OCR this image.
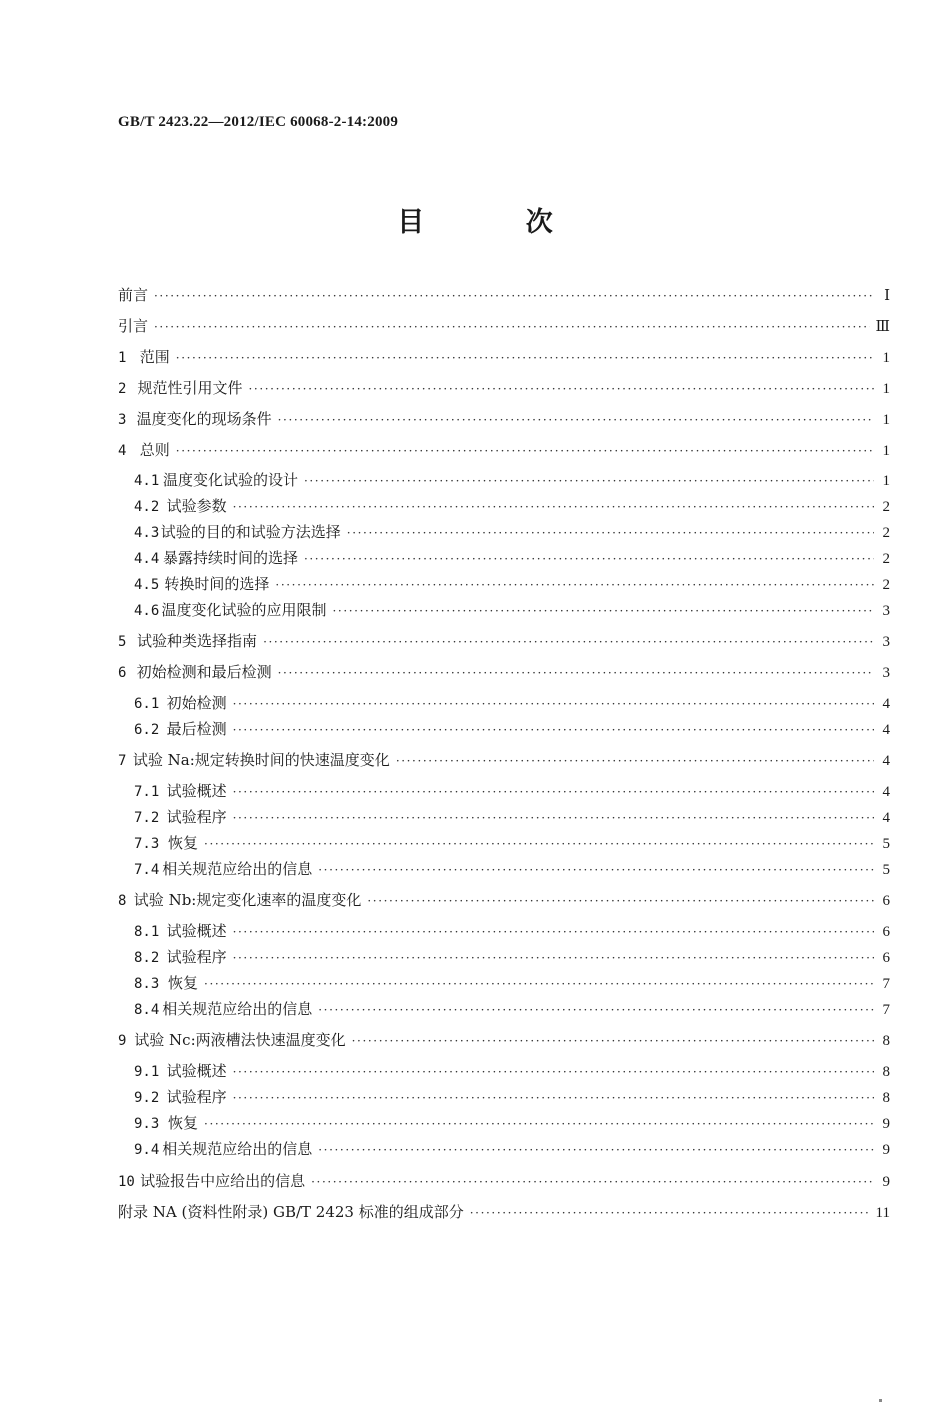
GB/T 2423.22—2012/IEC 60068-2-14:2009
目 次
前言 ·····	Ⅰ
引言 ·····	Ⅲ
1 范围 ·····	1
2 规范性引用文件 ·····	1
3 温度变化的现场条件 ·····	1
4 总则 ·····	1
4.1 温度变化试验的设计 ·····	1
4.2 试验参数 ·····	2
4.3 试验的目的和试验方法选择 ·····	2
4.4 暴露持续时间的选择 ·····	2
4.5 转换时间的选择 ·····	2
4.6 温度变化试验的应用限制 ·····	3
5 试验种类选择指南 ·····	3
6 初始检测和最后检测 ·····	3
6.1 初始检测 ·····	4
6.2 最后检测 ·····	4
7 试验 Na:规定转换时间的快速温度变化 ·····	4
7.1 试验概述 ·····	4
7.2 试验程序 ·····	4
7.3 恢复 ·····	5
7.4 相关规范应给出的信息 ·····	5
8 试验 Nb:规定变化速率的温度变化 ·····	6
8.1 试验概述 ·····	6
8.2 试验程序 ·····	6
8.3 恢复 ·····	7
8.4 相关规范应给出的信息 ·····	7
9 试验 Nc:两液槽法快速温度变化 ·····	8
9.1 试验概述 ·····	8
9.2 试验程序 ·····	8
9.3 恢复 ·····	9
9.4 相关规范应给出的信息 ·····	9
10 试验报告中应给出的信息 ·····	9
附录 NA (资料性附录) GB/T 2423 标准的组成部分 ·····	11
